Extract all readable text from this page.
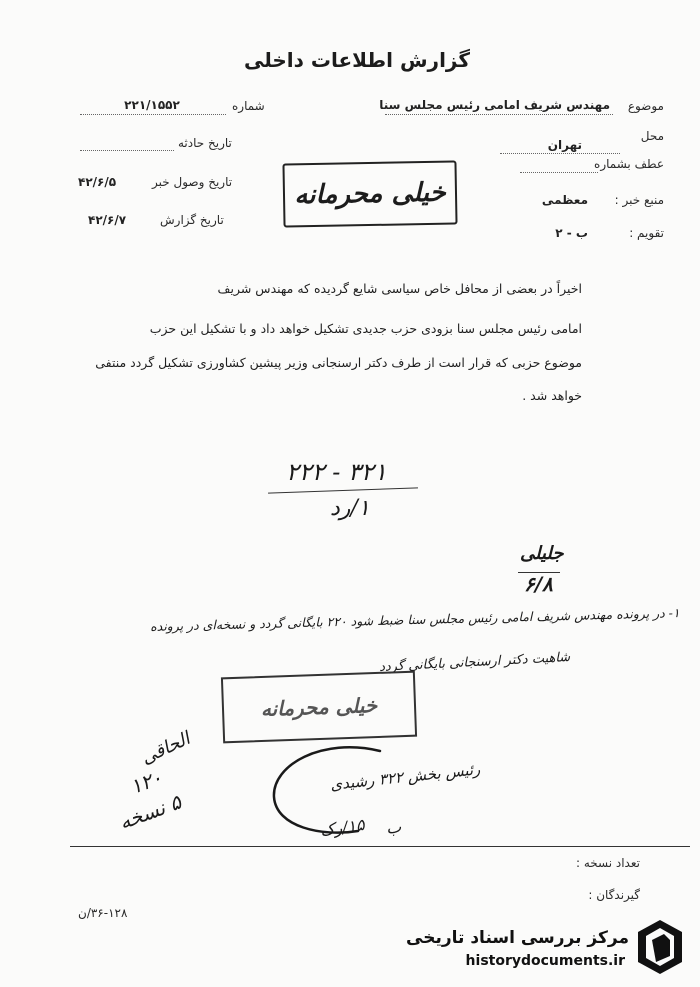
گزارش اطلاعات داخلی
موضوع
مهندس شریف امامی رئیس مجلس سنا
محل
تهران
عطف بشماره
منبع خبر :
معظمی
تقویم :
ب - ۲
شماره
۲۲۱/۱۵۵۲
تاریخ حادثه
تاریخ وصول خبر
۴۲/۶/۵
تاریخ گزارش
۴۲/۶/۷
خیلی محرمانه
اخیراً در بعضی از محافل خاص سیاسی شایع گردیده که مهندس شریف
امامی رئیس مجلس سنا بزودی حزب جدیدی تشکیل خواهد داد و با تشکیل این حزب
موضوع حزبی که قرار است از طرف دکتر ارسنجانی وزیر پیشین کشاورزی تشکیل گردد منتفی
خواهد شد .
۲۲۲ - ۳۲۱
۱/رد
جلیلی
۶/۸
۱- در پرونده مهندس شریف امامی رئیس مجلس سنا ضبط شود ۲۲۰ بایگانی گردد و نسخه‌ای در پرونده
شاهیت دکتر ارسنجانی بایگانی گردد
خیلی محرمانه
الحاقی
۱۲۰
۵ نسخه
رئیس بخش ۳۲۲ رشیدی
۱۵/رک ب
تعداد نسخه :
گیرندگان :
۳۶-۱۲۸/ن
مرکز بررسی اسناد تاریخی
historydocuments.ir
